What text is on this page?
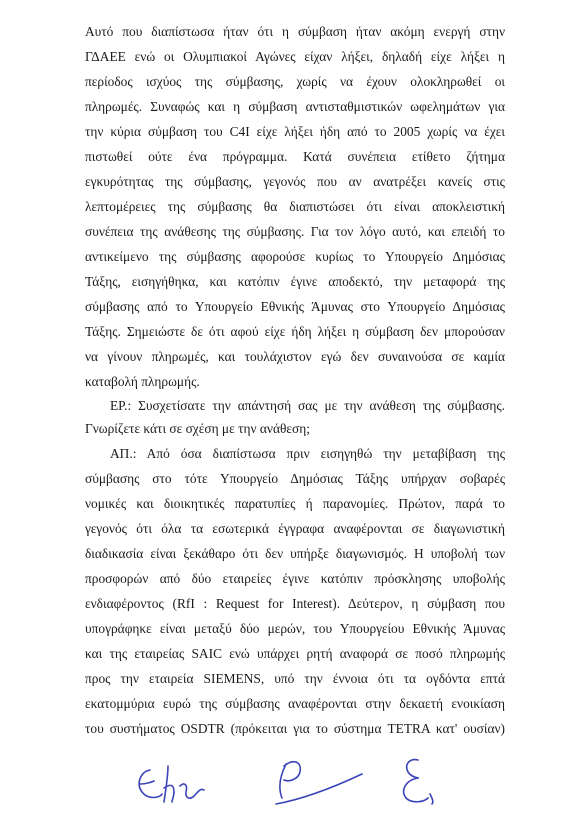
Αυτό που διαπίστωσα ήταν ότι η σύμβαση ήταν ακόμη ενεργή στην
ΓΔΑΕΕ ενώ οι Ολυμπιακοί Αγώνες είχαν λήξει, δηλαδή είχε λήξει η
περίοδος ισχύος της σύμβασης, χωρίς να έχουν ολοκληρωθεί οι
πληρωμές. Συναφώς και η σύμβαση αντισταθμιστικών ωφελημάτων για
την κύρια σύμβαση του C4I είχε λήξει ήδη από το 2005 χωρίς να έχει
πιστωθεί ούτε ένα πρόγραμμα. Κατά συνέπεια ετίθετο ζήτημα
εγκυρότητας της σύμβασης, γεγονός που αν ανατρέξει κανείς στις
λεπτομέρειες της σύμβασης θα διαπιστώσει ότι είναι αποκλειστική
συνέπεια της ανάθεσης της σύμβασης. Για τον λόγο αυτό, και επειδή το
αντικείμενο της σύμβασης αφορούσε κυρίως το Υπουργείο Δημόσιας
Τάξης, εισηγήθηκα, και κατόπιν έγινε αποδεκτό, την μεταφορά της
σύμβασης από το Υπουργείο Εθνικής Άμυνας στο Υπουργείο Δημόσιας
Τάξης. Σημειώστε δε ότι αφού είχε ήδη λήξει η σύμβαση δεν μπορούσαν
να γίνουν πληρωμές, και τουλάχιστον εγώ δεν συναινούσα σε καμία
καταβολή πληρωμής.
ΕΡ.: Συσχετίσατε την απάντησή σας με την ανάθεση της σύμβασης.
Γνωρίζετε κάτι σε σχέση με την ανάθεση;
ΑΠ.: Από όσα διαπίστωσα πριν εισηγηθώ την μεταβίβαση της
σύμβασης στο τότε Υπουργείο Δημόσιας Τάξης υπήρχαν σοβαρές
νομικές και διοικητικές παρατυπίες ή παρανομίες. Πρώτον, παρά το
γεγονός ότι όλα τα εσωτερικά έγγραφα αναφέρονται σε διαγωνιστική
διαδικασία είναι ξεκάθαρο ότι δεν υπήρξε διαγωνισμός. Η υποβολή των
προσφορών από δύο εταιρείες έγινε κατόπιν πρόσκλησης υποβολής
ενδιαφέροντος (RfI : Request for Interest). Δεύτερον, η σύμβαση που
υπογράφηκε είναι μεταξύ δύο μερών, του Υπουργείου Εθνικής Άμυνας
και της εταιρείας SAIC ενώ υπάρχει ρητή αναφορά σε ποσό πληρωμής
προς την εταιρεία SIEMENS, υπό την έννοια ότι τα ογδόντα επτά
εκατομμύρια ευρώ της σύμβασης αναφέρονται στην δεκαετή ενοικίαση
του συστήματος OSDTR (πρόκειται για το σύστημα TETRA κατ' ουσίαν)
